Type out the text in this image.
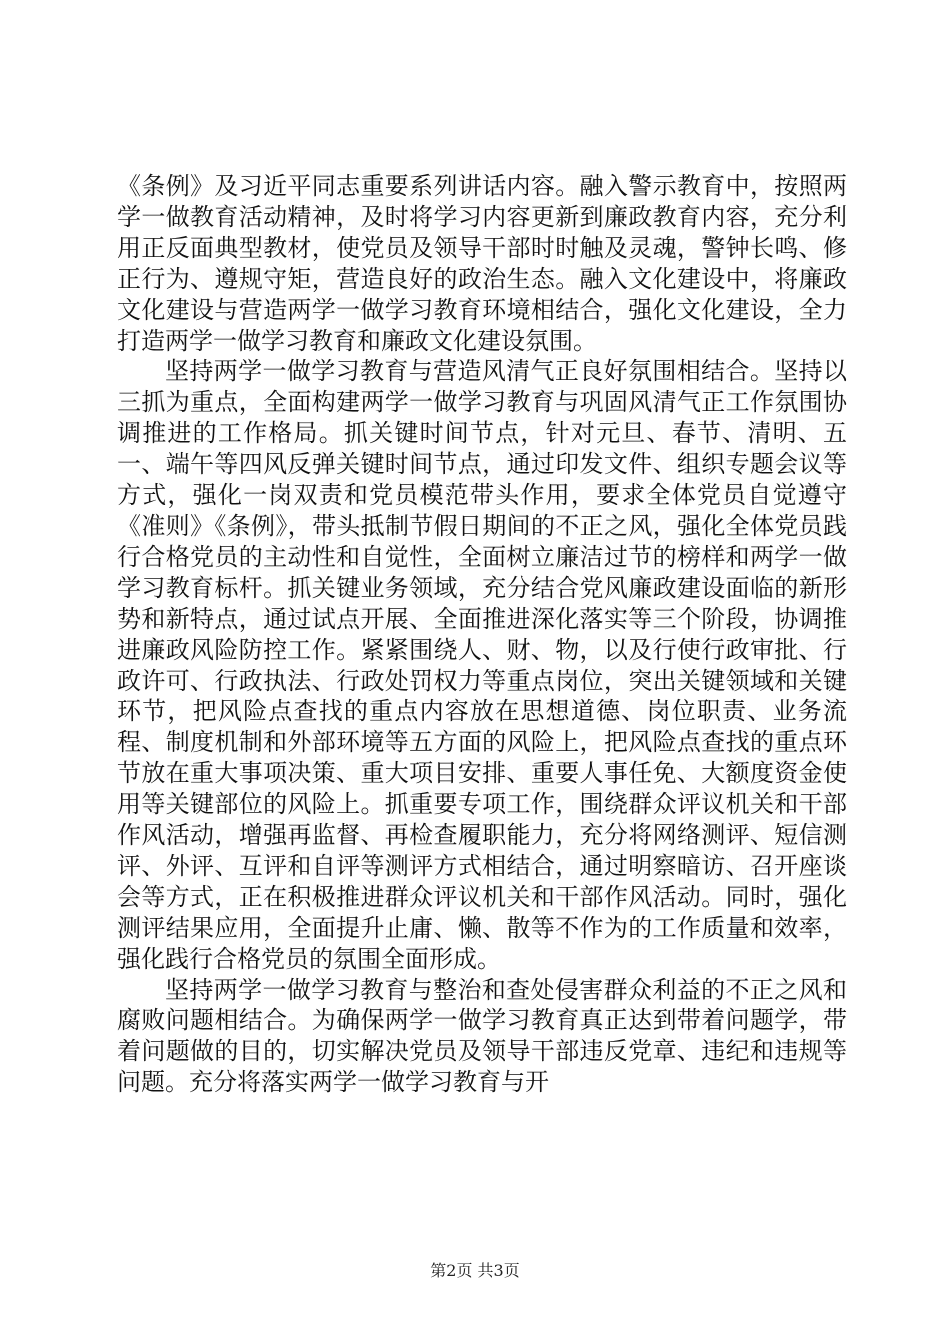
《条例》及习近平同志重要系列讲话内容。融入警示教育中，按照两学一做教育活动精神，及时将学习内容更新到廉政教育内容，充分利用正反面典型教材，使党员及领导干部时时触及灵魂，警钟长鸣、修正行为、遵规守矩，营造良好的政治生态。融入文化建设中，将廉政文化建设与营造两学一做学习教育环境相结合，强化文化建设，全力打造两学一做学习教育和廉政文化建设氛围。

坚持两学一做学习教育与营造风清气正良好氛围相结合。坚持以三抓为重点，全面构建两学一做学习教育与巩固风清气正工作氛围协调推进的工作格局。抓关键时间节点，针对元旦、春节、清明、五一、端午等四风反弹关键时间节点，通过印发文件、组织专题会议等方式，强化一岗双责和党员模范带头作用，要求全体党员自觉遵守《准则》《条例》，带头抵制节假日期间的不正之风，强化全体党员践行合格党员的主动性和自觉性，全面树立廉洁过节的榜样和两学一做学习教育标杆。抓关键业务领域，充分结合党风廉政建设面临的新形势和新特点，通过试点开展、全面推进深化落实等三个阶段，协调推进廉政风险防控工作。紧紧围绕人、财、物，以及行使行政审批、行政许可、行政执法、行政处罚权力等重点岗位，突出关键领域和关键环节，把风险点查找的重点内容放在思想道德、岗位职责、业务流程、制度机制和外部环境等五方面的风险上，把风险点查找的重点环节放在重大事项决策、重大项目安排、重要人事任免、大额度资金使用等关键部位的风险上。抓重要专项工作，围绕群众评议机关和干部作风活动，增强再监督、再检查履职能力，充分将网络测评、短信测评、外评、互评和自评等测评方式相结合，通过明察暗访、召开座谈会等方式，正在积极推进群众评议机关和干部作风活动。同时，强化测评结果应用，全面提升止庸、懒、散等不作为的工作质量和效率，强化践行合格党员的氛围全面形成。

坚持两学一做学习教育与整治和查处侵害群众利益的不正之风和腐败问题相结合。为确保两学一做学习教育真正达到带着问题学，带着问题做的目的，切实解决党员及领导干部违反党章、违纪和违规等问题。充分将落实两学一做学习教育与开

第2页 共3页
